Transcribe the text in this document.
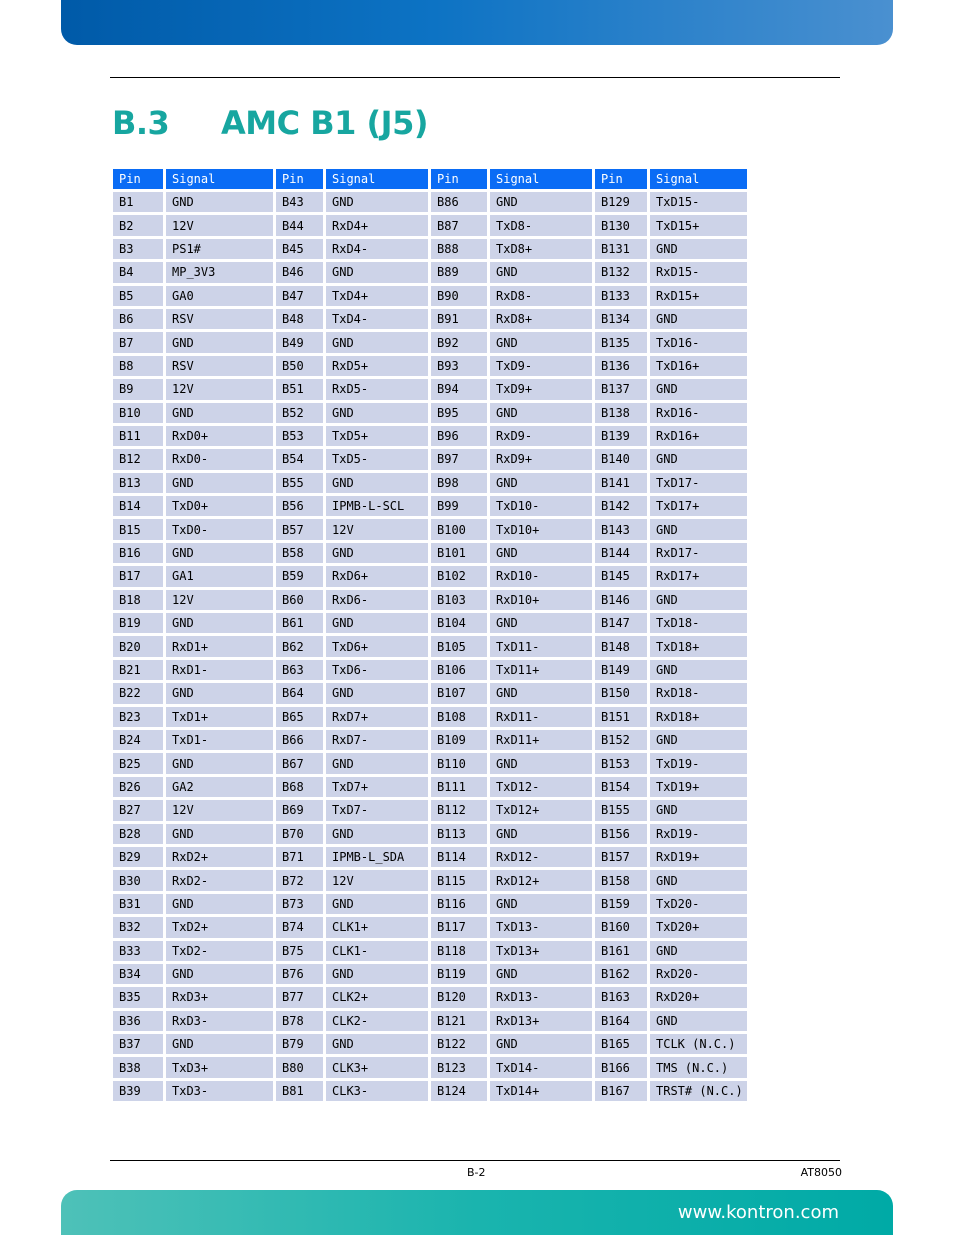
B.3 AMC B1 (J5)
Pin	Signal	Pin	Signal	Pin	Signal	Pin	Signal
B1	GND	B43	GND	B86	GND	B129	TxD15-
B2	12V	B44	RxD4+	B87	TxD8-	B130	TxD15+
B3	PS1#	B45	RxD4-	B88	TxD8+	B131	GND
B4	MP_3V3	B46	GND	B89	GND	B132	RxD15-
B5	GA0	B47	TxD4+	B90	RxD8-	B133	RxD15+
B6	RSV	B48	TxD4-	B91	RxD8+	B134	GND
B7	GND	B49	GND	B92	GND	B135	TxD16-
B8	RSV	B50	RxD5+	B93	TxD9-	B136	TxD16+
B9	12V	B51	RxD5-	B94	TxD9+	B137	GND
B10	GND	B52	GND	B95	GND	B138	RxD16-
B11	RxD0+	B53	TxD5+	B96	RxD9-	B139	RxD16+
B12	RxD0-	B54	TxD5-	B97	RxD9+	B140	GND
B13	GND	B55	GND	B98	GND	B141	TxD17-
B14	TxD0+	B56	IPMB-L-SCL	B99	TxD10-	B142	TxD17+
B15	TxD0-	B57	12V	B100	TxD10+	B143	GND
B16	GND	B58	GND	B101	GND	B144	RxD17-
B17	GA1	B59	RxD6+	B102	RxD10-	B145	RxD17+
B18	12V	B60	RxD6-	B103	RxD10+	B146	GND
B19	GND	B61	GND	B104	GND	B147	TxD18-
B20	RxD1+	B62	TxD6+	B105	TxD11-	B148	TxD18+
B21	RxD1-	B63	TxD6-	B106	TxD11+	B149	GND
B22	GND	B64	GND	B107	GND	B150	RxD18-
B23	TxD1+	B65	RxD7+	B108	RxD11-	B151	RxD18+
B24	TxD1-	B66	RxD7-	B109	RxD11+	B152	GND
B25	GND	B67	GND	B110	GND	B153	TxD19-
B26	GA2	B68	TxD7+	B111	TxD12-	B154	TxD19+
B27	12V	B69	TxD7-	B112	TxD12+	B155	GND
B28	GND	B70	GND	B113	GND	B156	RxD19-
B29	RxD2+	B71	IPMB-L_SDA	B114	RxD12-	B157	RxD19+
B30	RxD2-	B72	12V	B115	RxD12+	B158	GND
B31	GND	B73	GND	B116	GND	B159	TxD20-
B32	TxD2+	B74	CLK1+	B117	TxD13-	B160	TxD20+
B33	TxD2-	B75	CLK1-	B118	TxD13+	B161	GND
B34	GND	B76	GND	B119	GND	B162	RxD20-
B35	RxD3+	B77	CLK2+	B120	RxD13-	B163	RxD20+
B36	RxD3-	B78	CLK2-	B121	RxD13+	B164	GND
B37	GND	B79	GND	B122	GND	B165	TCLK (N.C.)
B38	TxD3+	B80	CLK3+	B123	TxD14-	B166	TMS (N.C.)
B39	TxD3-	B81	CLK3-	B124	TxD14+	B167	TRST# (N.C.)
B-2	AT8050
www.kontron.com
